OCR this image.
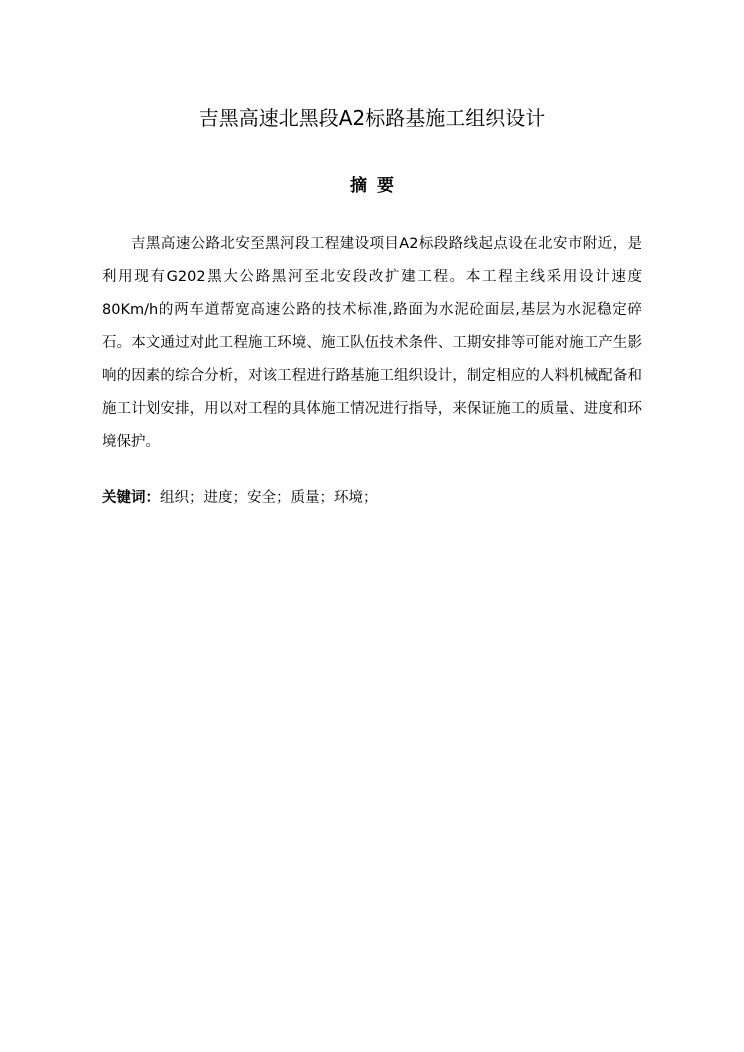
吉黑高速北黑段A2标路基施工组织设计
摘要

吉黑高速公路北安至黑河段工程建设项目A2标段路线起点设在北安市附近，是利用现有G202黑大公路黑河至北安段改扩建工程。本工程主线采用设计速度80Km/h的两车道帮宽高速公路的技术标准,路面为水泥砼面层,基层为水泥稳定碎石。本文通过对此工程施工环境、施工队伍技术条件、工期安排等可能对施工产生影响的因素的综合分析，对该工程进行路基施工组织设计，制定相应的人料机械配备和施工计划安排，用以对工程的具体施工情况进行指导，来保证施工的质量、进度和环境保护。

关键词：组织；进度；安全；质量；环境；
